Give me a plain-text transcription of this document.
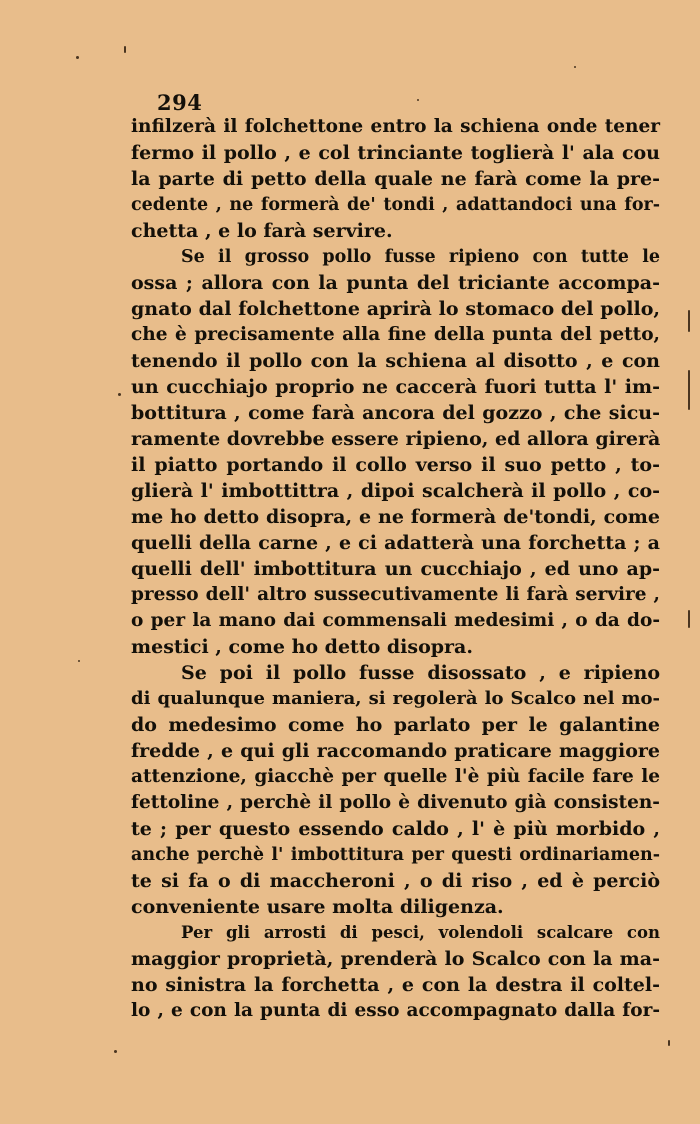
294
infilzerà il folchettone entro la schiena onde tener
fermo il pollo , e col trinciante toglierà l' ala cou
la parte di petto della quale ne farà come la pre-
cedente , ne formerà de' tondi , adattandoci una for-
chetta , e lo farà servire.
Se il grosso pollo fusse ripieno con tutte le
ossa ; allora con la punta del triciante accompa-
gnato dal folchettone aprirà lo stomaco del pollo,
che è precisamente alla fine della punta del petto,
tenendo il pollo con la schiena al disotto , e con
un cucchiajo proprio ne caccerà fuori tutta l' im-
bottitura , come farà ancora del gozzo , che sicu-
ramente dovrebbe essere ripieno, ed allora girerà
il piatto portando il collo verso il suo petto , to-
glierà l' imbottittra , dipoi scalcherà il pollo , co-
me ho detto disopra, e ne formerà de'tondi, come
quelli della carne , e ci adatterà una forchetta ; a
quelli dell' imbottitura un cucchiajo , ed uno ap-
presso dell' altro sussecutivamente li farà servire ,
o per la mano dai commensali medesimi , o da do-
mestici , come ho detto disopra.
Se poi il pollo fusse disossato , e ripieno
di qualunque maniera, si regolerà lo Scalco nel mo-
do medesimo come ho parlato per le galantine
fredde , e qui gli raccomando praticare maggiore
attenzione, giacchè per quelle l'è più facile fare le
fettoline , perchè il pollo è divenuto già consisten-
te ; per questo essendo caldo , l' è più morbido ,
anche perchè l' imbottitura per questi ordinariamen-
te si fa o di maccheroni , o di riso , ed è perciò
conveniente usare molta diligenza.
Per gli arrosti di pesci, volendoli scalcare con
maggior proprietà, prenderà lo Scalco con la ma-
no sinistra la forchetta , e con la destra il coltel-
lo , e con la punta di esso accompagnato dalla for-
